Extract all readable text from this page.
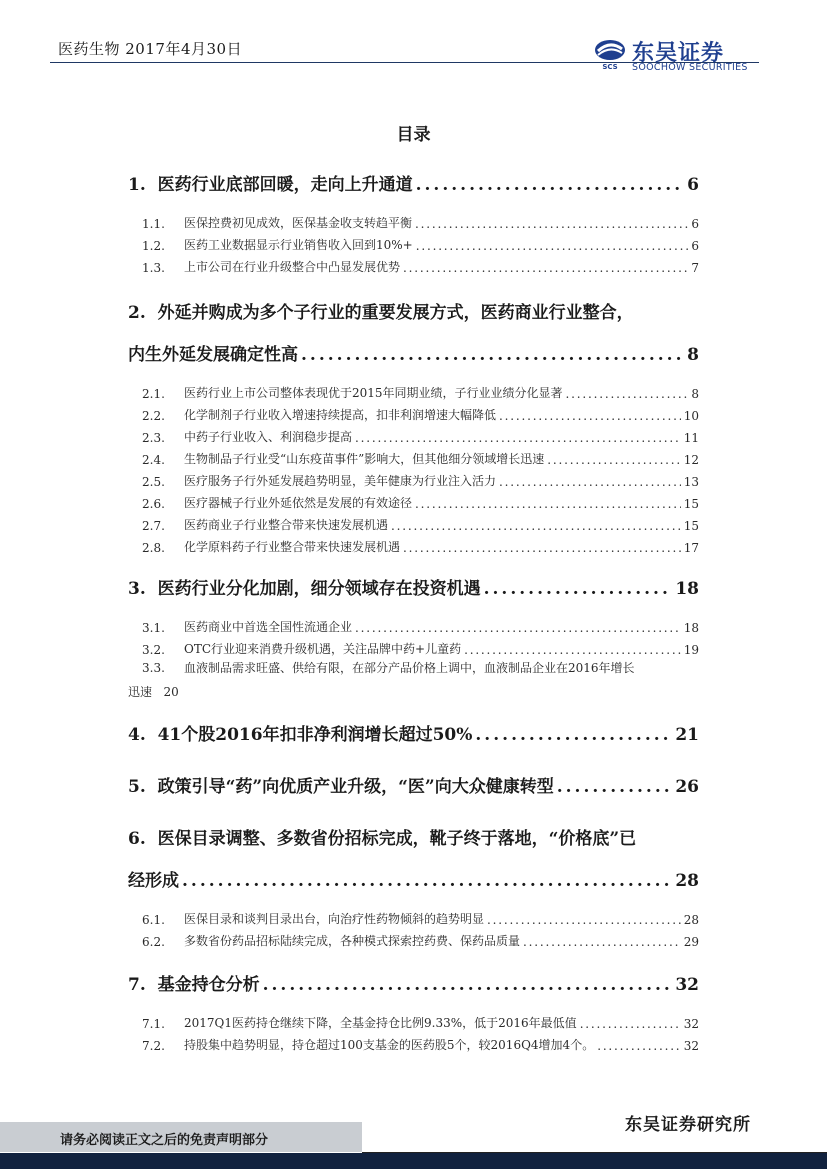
医药生物 2017年4月30日
SCS
东吴证券
SOOCHOW SECURITIES
目录
1.
医药行业底部回暖，走向上升通道 .....	6
1.1.	医保控费初见成效，医保基金收支转趋平衡 .....	6
1.2.	医药工业数据显示行业销售收入回到10%+ .....	6
1.3.	上市公司在行业升级整合中凸显发展优势 .....	7
2. 外延并购成为多个子行业的重要发展方式，医药商业行业整合，
内生外延发展确定性高 .....	8
2.1.	医药行业上市公司整体表现优于2015年同期业绩，子行业业绩分化显著 .....	8
2.2.	化学制剂子行业收入增速持续提高，扣非利润增速大幅降低 .....	10
2.3.	中药子行业收入、利润稳步提高 .....	11
2.4.	生物制品子行业受“山东疫苗事件”影响大，但其他细分领域增长迅速 .....	12
2.5.	医疗服务子行外延发展趋势明显，美年健康为行业注入活力 .....	13
2.6.	医疗器械子行业外延依然是发展的有效途径 .....	15
2.7.	医药商业子行业整合带来快速发展机遇 .....	15
2.8.	化学原料药子行业整合带来快速发展机遇 .....	17
3.
医药行业分化加剧，细分领域存在投资机遇 .....	18
3.1.	医药商业中首选全国性流通企业 .....	18
3.2.	OTC行业迎来消费升级机遇，关注品牌中药+儿童药 .....	19
3.3. 血液制品需求旺盛、供给有限，在部分产品价格上调中，血液制品企业在2016年增长
迅速 20
4.
41个股2016年扣非净利润增长超过50% .....	21
5.
政策引导“药”向优质产业升级，“医”向大众健康转型 .....	26
6. 医保目录调整、多数省份招标完成，靴子终于落地，“价格底”已
经形成 .....	28
6.1.	医保目录和谈判目录出台，向治疗性药物倾斜的趋势明显 .....	28
6.2.	多数省份药品招标陆续完成，各种模式探索控药费、保药品质量 .....	29
7.
基金持仓分析 .....	32
7.1.	2017Q1医药持仓继续下降，全基金持仓比例9.33%，低于2016年最低值 .....	32
7.2.	持股集中趋势明显，持仓超过100支基金的医药股5个，较2016Q4增加4个。 .....	32
东吴证券研究所
请务必阅读正文之后的免责声明部分
